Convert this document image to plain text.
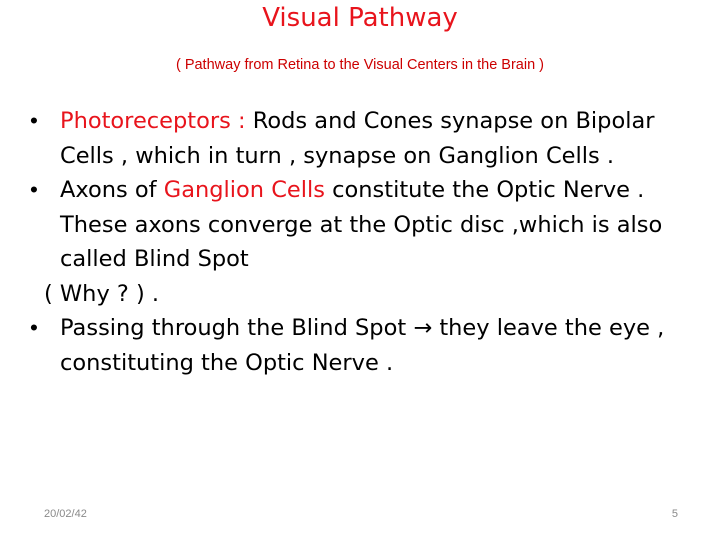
Visual Pathway
( Pathway from Retina to the Visual Centers in the Brain )
• Photoreceptors : Rods and Cones synapse on Bipolar Cells , which in turn , synapse on Ganglion Cells .
• Axons of Ganglion Cells constitute the Optic Nerve . These axons converge at the Optic disc ,which is also called Blind Spot
( Why ? ) .
• Passing through the Blind Spot → they leave the eye , constituting the Optic Nerve .
20/02/42	5
